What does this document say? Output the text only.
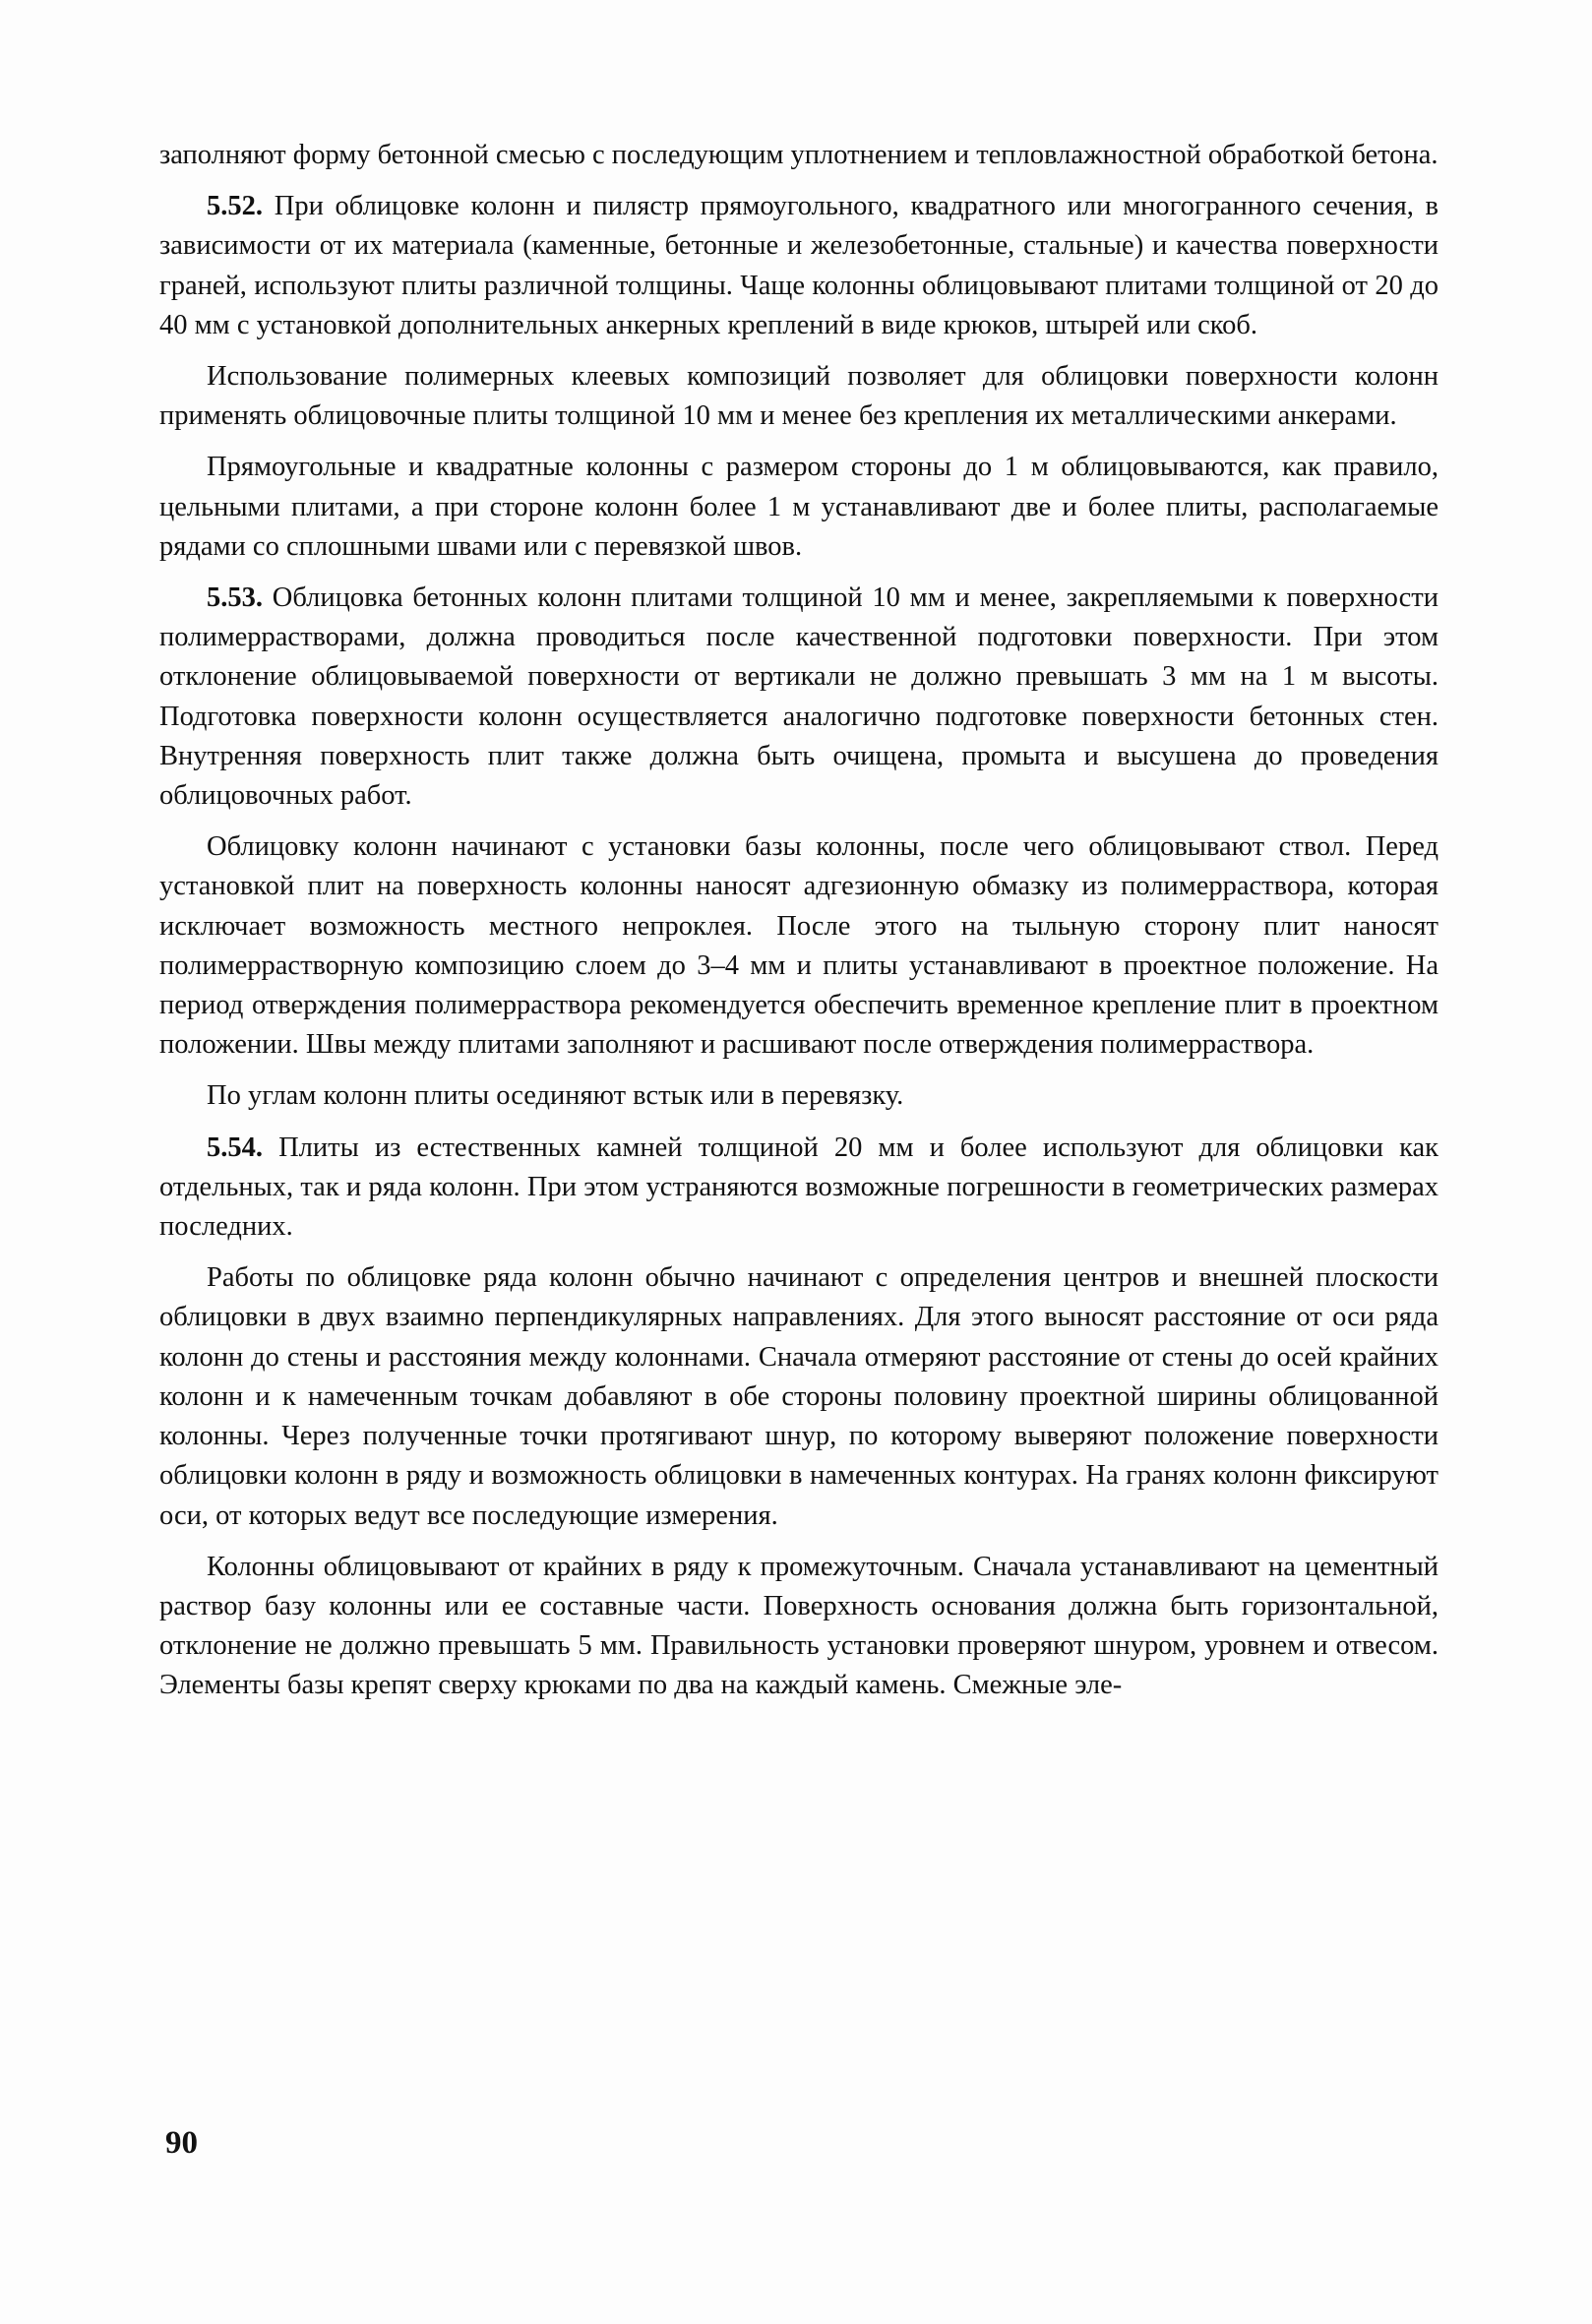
заполняют форму бетонной смесью с последующим уплотнением и тепловлажностной обработкой бетона.

5.52. При облицовке колонн и пилястр прямоугольного, квадратного или многогранного сечения, в зависимости от их материала (каменные, бетонные и железобетонные, стальные) и качества поверхности граней, используют плиты различной толщины. Чаще колонны облицовывают плитами толщиной от 20 до 40 мм с установкой дополнительных анкерных креплений в виде крюков, штырей или скоб.

Использование полимерных клеевых композиций позволяет для облицовки поверхности колонн применять облицовочные плиты толщиной 10 мм и менее без крепления их металлическими анкерами.

Прямоугольные и квадратные колонны с размером стороны до 1 м облицовываются, как правило, цельными плитами, а при стороне колонн более 1 м устанавливают две и более плиты, располагаемые рядами со сплошными швами или с перевязкой швов.

5.53. Облицовка бетонных колонн плитами толщиной 10 мм и менее, закрепляемыми к поверхности полимеррастворами, должна проводиться после качественной подготовки поверхности. При этом отклонение облицовываемой поверхности от вертикали не должно превышать 3 мм на 1 м высоты. Подготовка поверхности колонн осуществляется аналогично подготовке поверхности бетонных стен. Внутренняя поверхность плит также должна быть очищена, промыта и высушена до проведения облицовочных работ.

Облицовку колонн начинают с установки базы колонны, после чего облицовывают ствол. Перед установкой плит на поверхность колонны наносят адгезионную обмазку из полимерраствора, которая исключает возможность местного непроклея. После этого на тыльную сторону плит наносят полимеррастворную композицию слоем до 3–4 мм и плиты устанавливают в проектное положение. На период отверждения полимерраствора рекомендуется обеспечить временное крепление плит в проектном положении. Швы между плитами заполняют и расшивают после отверждения полимерраствора.

По углам колонн плиты осединяют встык или в перевязку.

5.54. Плиты из естественных камней толщиной 20 мм и более используют для облицовки как отдельных, так и ряда колонн. При этом устраняются возможные погрешности в геометрических размерах последних.

Работы по облицовке ряда колонн обычно начинают с определения центров и внешней плоскости облицовки в двух взаимно перпендикулярных направлениях. Для этого выносят расстояние от оси ряда колонн до стены и расстояния между колоннами. Сначала отмеряют расстояние от стены до осей крайних колонн и к намеченным точкам добавляют в обе стороны половину проектной ширины облицованной колонны. Через полученные точки протягивают шнур, по которому выверяют положение поверхности облицовки колонн в ряду и возможность облицовки в намеченных контурах. На гранях колонн фиксируют оси, от которых ведут все последующие измерения.

Колонны облицовывают от крайних в ряду к промежуточным. Сначала устанавливают на цементный раствор базу колонны или ее составные части. Поверхность основания должна быть горизонтальной, отклонение не должно превышать 5 мм. Правильность установки проверяют шнуром, уровнем и отвесом. Элементы базы крепят сверху крюками по два на каждый камень. Смежные эле-

90
